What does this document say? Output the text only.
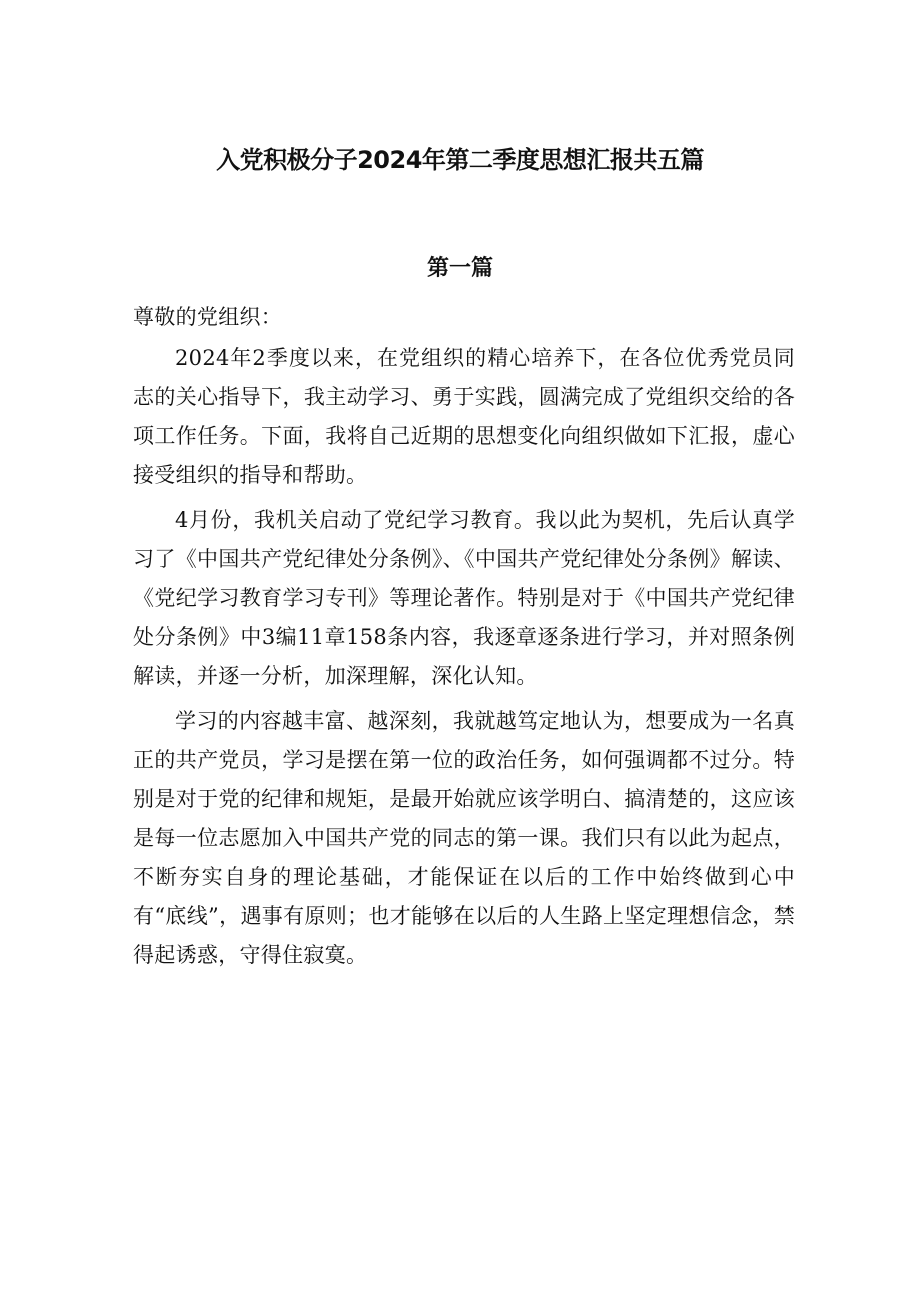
入党积极分子2024年第二季度思想汇报共五篇
第一篇

尊敬的党组织：

2024年2季度以来，在党组织的精心培养下，在各位优秀党员同志的关心指导下，我主动学习、勇于实践，圆满完成了党组织交给的各项工作任务。下面，我将自己近期的思想变化向组织做如下汇报，虚心接受组织的指导和帮助。

4月份，我机关启动了党纪学习教育。我以此为契机，先后认真学习了《中国共产党纪律处分条例》、《中国共产党纪律处分条例》解读、《党纪学习教育学习专刊》等理论著作。特别是对于《中国共产党纪律处分条例》中3编11章158条内容，我逐章逐条进行学习，并对照条例解读，并逐一分析，加深理解，深化认知。

学习的内容越丰富、越深刻，我就越笃定地认为，想要成为一名真正的共产党员，学习是摆在第一位的政治任务，如何强调都不过分。特别是对于党的纪律和规矩，是最开始就应该学明白、搞清楚的，这应该是每一位志愿加入中国共产党的同志的第一课。我们只有以此为起点，不断夯实自身的理论基础，才能保证在以后的工作中始终做到心中有“底线”，遇事有原则；也才能够在以后的人生路上坚定理想信念，禁得起诱惑，守得住寂寞。
